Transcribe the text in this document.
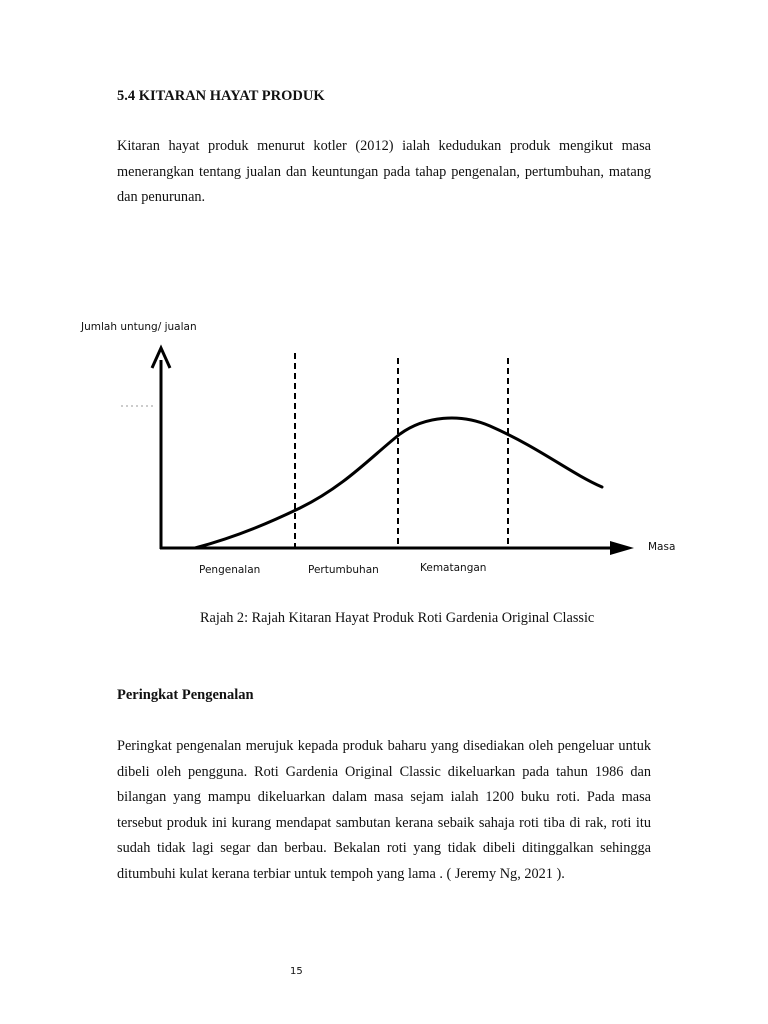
5.4 KITARAN HAYAT PRODUK

Kitaran hayat produk menurut kotler (2012) ialah kedudukan produk mengikut masa menerangkan tentang jualan dan keuntungan pada tahap pengenalan, pertumbuhan, matang dan penurunan.

Jumlah untung/ jualan
Masa
Pengenalan	Pertumbuhan	Kematangan

Rajah 2: Rajah Kitaran Hayat Produk Roti Gardenia Original Classic

Peringkat Pengenalan

Peringkat pengenalan merujuk kepada produk baharu yang disediakan oleh pengeluar untuk dibeli oleh pengguna. Roti Gardenia Original Classic dikeluarkan pada tahun 1986 dan bilangan yang mampu dikeluarkan dalam masa sejam ialah 1200 buku roti. Pada masa tersebut produk ini kurang mendapat sambutan kerana sebaik sahaja roti tiba di rak, roti itu sudah tidak lagi segar dan berbau. Bekalan roti yang tidak dibeli ditinggalkan sehingga ditumbuhi kulat kerana terbiar untuk tempoh yang lama . ( Jeremy Ng, 2021 ).

15
